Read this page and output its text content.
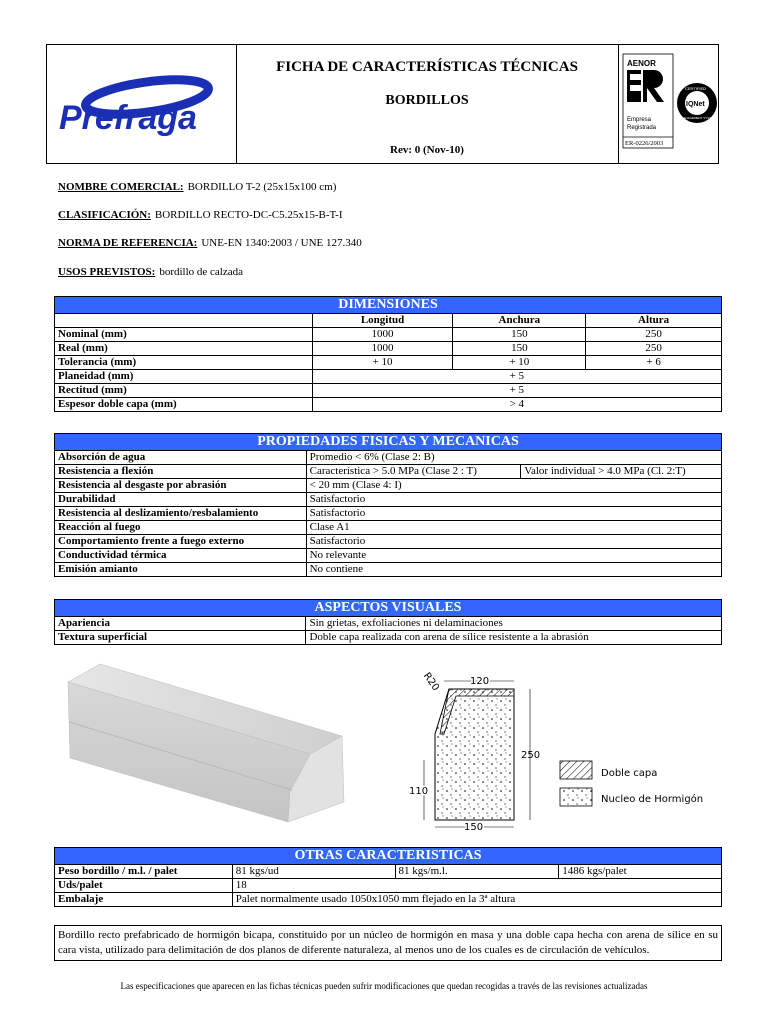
Prefraga
FICHA DE CARACTERÍSTICAS TÉCNICAS
BORDILLOS
Rev: 0 (Nov-10)
AENOR
Empresa
Registrada
ER-0226/2003
IQNet
CERTIFIED
MANAGEMENT SYSTEM
NOMBRE COMERCIAL: BORDILLO T-2 (25x15x100 cm)
CLASIFICACIÓN: BORDILLO RECTO-DC-C5.25x15-B-T-I
NORMA DE REFERENCIA: UNE-EN 1340:2003 / UNE 127.340
USOS PREVISTOS: bordillo de calzada
DIMENSIONES			
	Longitud	Anchura	Altura
Nominal (mm)	1000	150	250
Real (mm)	1000	150	250
Tolerancia (mm)	+ 10	+ 10	+ 6
Planeidad (mm)	+ 5		
Rectitud (mm)	+ 5		
Espesor doble capa (mm)	> 4		
PROPIEDADES FISICAS Y MECANICAS		
Absorción de agua	Promedio < 6% (Clase 2: B)	
Resistencia a flexión	Característica > 5.0 MPa (Clase 2 : T)	Valor individual > 4.0 MPa (Cl. 2:T)
Resistencia al desgaste por abrasión	< 20 mm (Clase 4: I)	
Durabilidad	Satisfactorio	
Resistencia al deslizamiento/resbalamiento	Satisfactorio	
Reacción al fuego	Clase A1	
Comportamiento frente a fuego externo	Satisfactorio	
Conductividad térmica	No relevante	
Emisión amianto	No contiene	
ASPECTOS VISUALES	
Apariencia	Sin grietas, exfoliaciones ni delaminaciones
Textura superficial	Doble capa realizada con arena de sílice resistente a la abrasión
R20	120
250
110
150
Doble capa
Nucleo de Hormigón
OTRAS CARACTERISTICAS			
Peso bordillo / m.l. / palet	81 kgs/ud	81 kgs/m.l.	1486 kgs/palet
Uds/palet	18		
Embalaje	Palet normalmente usado 1050x1050 mm flejado en la 3ª altura		
Bordillo recto prefabricado de hormigón bicapa, constituido por un núcleo de hormigón en masa y una doble capa hecha con arena de sílice en su cara vista, utilizado para delimitación de dos planos de diferente naturaleza, al menos uno de los cuales es de circulación de vehículos.
Las especificaciones que aparecen en las fichas técnicas pueden sufrir modificaciones que quedan recogidas a través de las revisiones actualizadas
